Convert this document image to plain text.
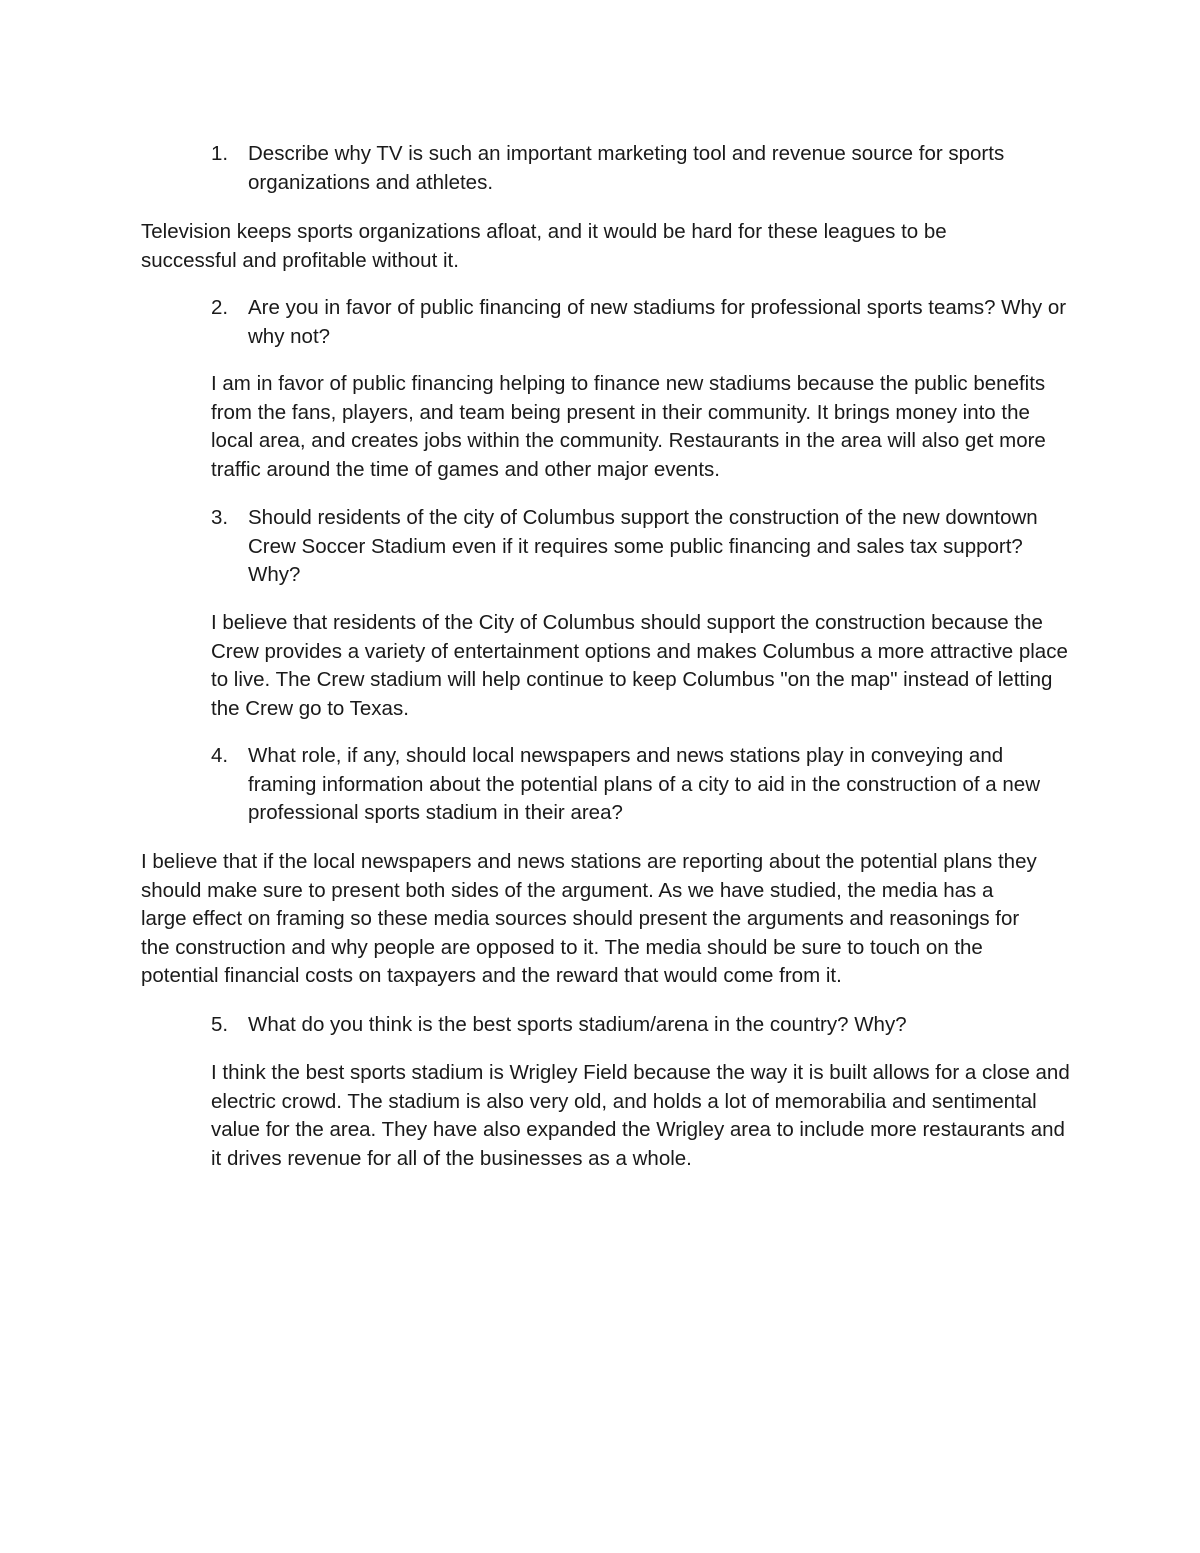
1. Describe why TV is such an important marketing tool and revenue source for sports organizations and athletes.

Television keeps sports organizations afloat, and it would be hard for these leagues to be successful and profitable without it.

2. Are you in favor of public financing of new stadiums for professional sports teams? Why or why not?

I am in favor of public financing helping to finance new stadiums because the public benefits from the fans, players, and team being present in their community. It brings money into the local area, and creates jobs within the community. Restaurants in the area will also get more traffic around the time of games and other major events.

3. Should residents of the city of Columbus support the construction of the new downtown Crew Soccer Stadium even if it requires some public financing and sales tax support? Why?

I believe that residents of the City of Columbus should support the construction because the Crew provides a variety of entertainment options and makes Columbus a more attractive place to live. The Crew stadium will help continue to keep Columbus "on the map" instead of letting the Crew go to Texas.

4. What role, if any, should local newspapers and news stations play in conveying and framing information about the potential plans of a city to aid in the construction of a new professional sports stadium in their area?

I believe that if the local newspapers and news stations are reporting about the potential plans they should make sure to present both sides of the argument. As we have studied, the media has a large effect on framing so these media sources should present the arguments and reasonings for the construction and why people are opposed to it. The media should be sure to touch on the potential financial costs on taxpayers and the reward that would come from it.

5. What do you think is the best sports stadium/arena in the country? Why?

I think the best sports stadium is Wrigley Field because the way it is built allows for a close and electric crowd. The stadium is also very old, and holds a lot of memorabilia and sentimental value for the area. They have also expanded the Wrigley area to include more restaurants and it drives revenue for all of the businesses as a whole.
